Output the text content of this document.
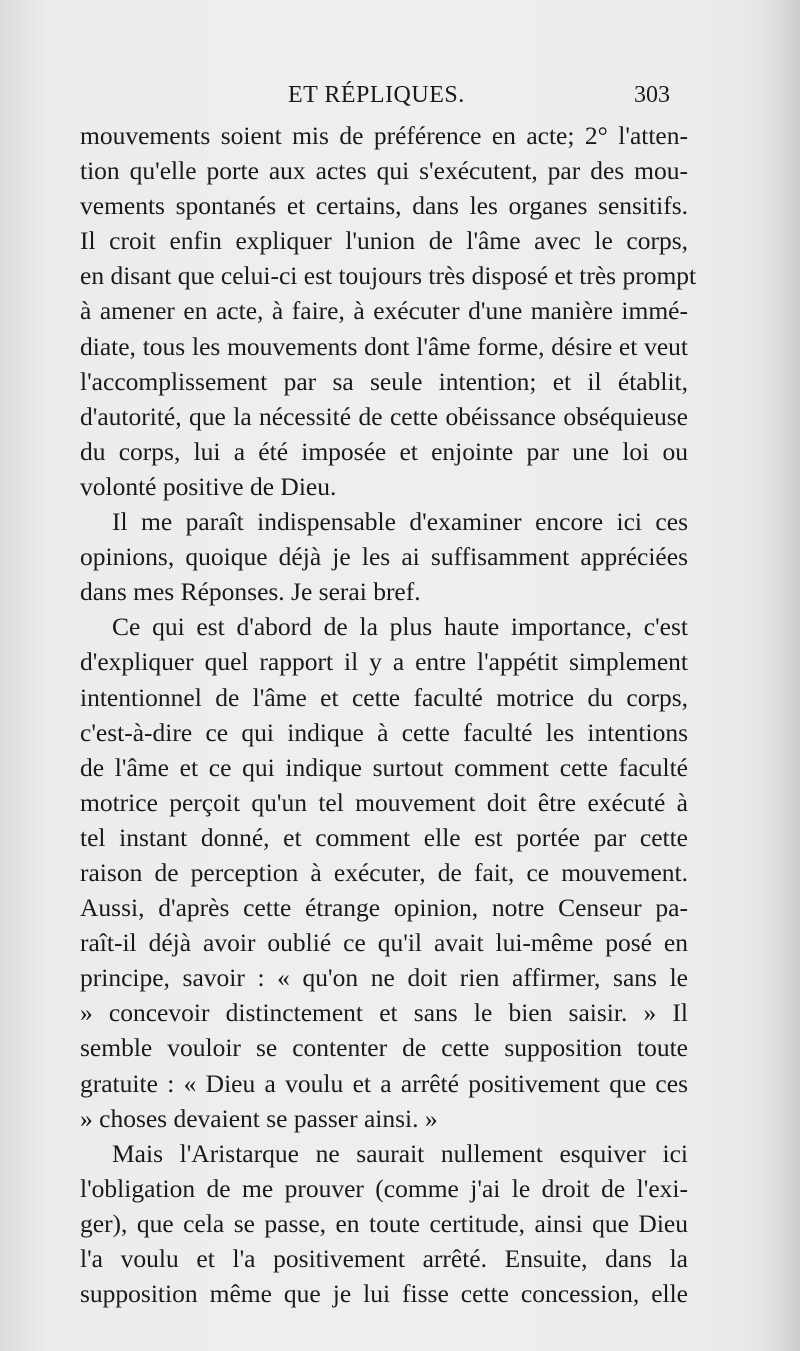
ET RÉPLIQUES.	303
mouvements soient mis de préférence en acte; 2° l'atten-
tion qu'elle porte aux actes qui s'exécutent, par des mou-
vements spontanés et certains, dans les organes sensitifs.
Il croit enfin expliquer l'union de l'âme avec le corps,
en disant que celui-ci est toujours très disposé et très prompt
à amener en acte, à faire, à exécuter d'une manière immé-
diate, tous les mouvements dont l'âme forme, désire et veut
l'accomplissement par sa seule intention; et il établit,
d'autorité, que la nécessité de cette obéissance obséquieuse
du corps, lui a été imposée et enjointe par une loi ou
volonté positive de Dieu.
Il me paraît indispensable d'examiner encore ici ces
opinions, quoique déjà je les ai suffisamment appréciées
dans mes Réponses. Je serai bref.
Ce qui est d'abord de la plus haute importance, c'est
d'expliquer quel rapport il y a entre l'appétit simplement
intentionnel de l'âme et cette faculté motrice du corps,
c'est-à-dire ce qui indique à cette faculté les intentions
de l'âme et ce qui indique surtout comment cette faculté
motrice perçoit qu'un tel mouvement doit être exécuté à
tel instant donné, et comment elle est portée par cette
raison de perception à exécuter, de fait, ce mouvement.
Aussi, d'après cette étrange opinion, notre Censeur pa-
raît-il déjà avoir oublié ce qu'il avait lui-même posé en
principe, savoir : « qu'on ne doit rien affirmer, sans le
» concevoir distinctement et sans le bien saisir. » Il
semble vouloir se contenter de cette supposition toute
gratuite : « Dieu a voulu et a arrêté positivement que ces
» choses devaient se passer ainsi. »
Mais l'Aristarque ne saurait nullement esquiver ici
l'obligation de me prouver (comme j'ai le droit de l'exi-
ger), que cela se passe, en toute certitude, ainsi que Dieu
l'a voulu et l'a positivement arrêté. Ensuite, dans la
supposition même que je lui fisse cette concession, elle
